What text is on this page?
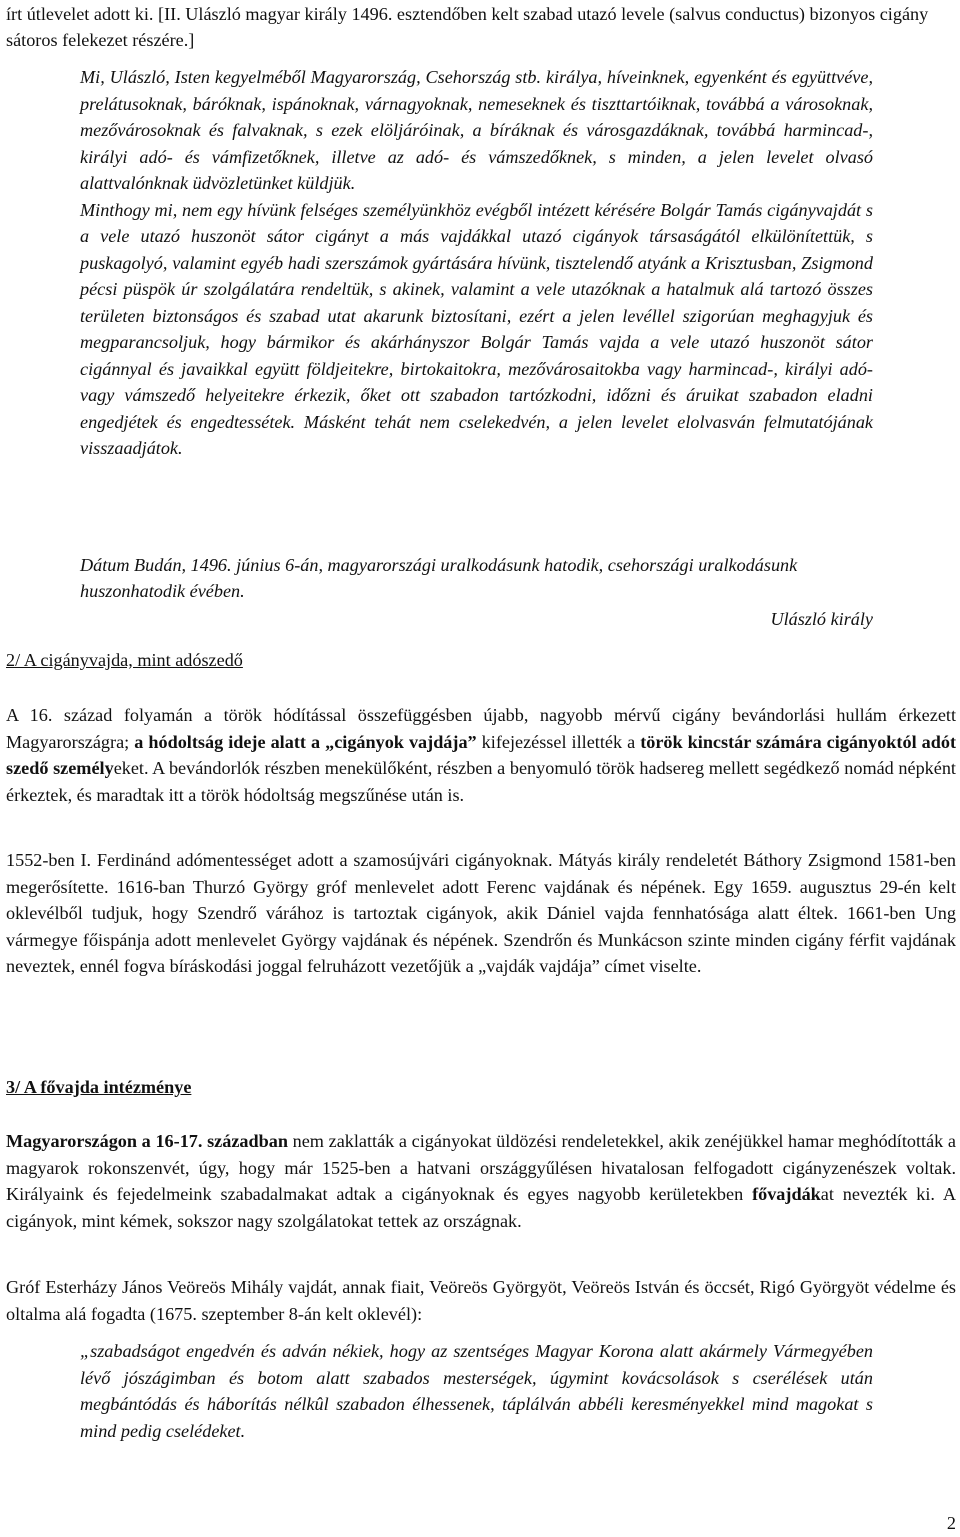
írt útlevelet adott ki. [II. Ulászló magyar király 1496. esztendőben kelt szabad utazó levele (salvus conductus) bizonyos cigány sátoros felekezet részére.]

Mi, Ulászló, Isten kegyelméből Magyarország, Csehország stb. királya, híveinknek, egyenként és együttvéve, prelátusoknak, báróknak, ispánoknak, várnagyoknak, nemeseknek és tiszttartóiknak, továbbá a városoknak, mezővárosoknak és falvaknak, s ezek elöljáróinak, a bíráknak és városgazdáknak, továbbá harmincad-, királyi adó- és vámfizetőknek, illetve az adó- és vámszedőknek, s minden, a jelen levelet olvasó alattvalónknak üdvözletünket küldjük.

Minthogy mi, nem egy hívünk felséges személyünkhöz evégből intézett kérésére Bolgár Tamás cigányvajdát s a vele utazó huszonöt sátor cigányt a más vajdákkal utazó cigányok társaságától elkülönítettük, s puskagolyó, valamint egyéb hadi szerszámok gyártására hívünk, tisztelendő atyánk a Krisztusban, Zsigmond pécsi püspök úr szolgálatára rendeltük, s akinek, valamint a vele utazóknak a hatalmuk alá tartozó összes területen biztonságos és szabad utat akarunk biztosítani, ezért a jelen levéllel szigorúan meghagyjuk és megparancsoljuk, hogy bármikor és akárhányszor Bolgár Tamás vajda a vele utazó huszonöt sátor cigánnyal és javaikkal együtt földjeitekre, birtokaitokra, mezővárosaitokba vagy harmincad-, királyi adó- vagy vámszedő helyeitekre érkezik, őket ott szabadon tartózkodni, időzni és áruikat szabadon eladni engedjétek és engedtessétek. Másként tehát nem cselekedvén, a jelen levelet elolvasván felmutatójának visszaadjátok.

Dátum Budán, 1496. június 6-án, magyarországi uralkodásunk hatodik, csehországi uralkodásunk huszonhatodik évében.

Ulászló király

2/ A cigányvajda, mint adószedő

A 16. század folyamán a török hódítással összefüggésben újabb, nagyobb mérvű cigány bevándorlási hullám érkezett Magyarországra; a hódoltság ideje alatt a „cigányok vajdája” kifejezéssel illették a török kincstár számára cigányoktól adót szedő személyeket. A bevándorlók részben menekülőként, részben a benyomuló török hadsereg mellett segédkező nomád népként érkeztek, és maradtak itt a török hódoltság megszűnése után is.

1552-ben I. Ferdinánd adómentességet adott a szamosújvári cigányoknak. Mátyás király rendeletét Báthory Zsigmond 1581-ben megerősítette. 1616-ban Thurzó György gróf menlevelet adott Ferenc vajdának és népének. Egy 1659. augusztus 29-én kelt oklevélből tudjuk, hogy Szendrő várához is tartoztak cigányok, akik Dániel vajda fennhatósága alatt éltek. 1661-ben Ung vármegye főispánja adott menlevelet György vajdának és népének. Szendrőn és Munkácson szinte minden cigány férfit vajdának neveztek, ennél fogva bíráskodási joggal felruházott vezetőjük a „vajdák vajdája” címet viselte.

3/ A fővajda intézménye

Magyarországon a 16-17. században nem zaklatták a cigányokat üldözési rendeletekkel, akik zenéjükkel hamar meghódították a magyarok rokonszenvét, úgy, hogy már 1525-ben a hatvani országgyűlésen hivatalosan felfogadott cigányzenészek voltak. Királyaink és fejedelmeink szabadalmakat adtak a cigányoknak és egyes nagyobb kerületekben fővajdákat nevezték ki. A cigányok, mint kémek, sokszor nagy szolgálatokat tettek az országnak.

Gróf Esterházy János Veöreös Mihály vajdát, annak fiait, Veöreös Györgyöt, Veöreös István és öccsét, Rigó Györgyöt védelme és oltalma alá fogadta (1675. szeptember 8-án kelt oklevél):

„szabadságot engedvén és adván nékiek, hogy az szentséges Magyar Korona alatt akármely Vármegyében lévő jószágimban és botom alatt szabados mesterségek, úgymint kovácsolások s cserélések után megbántódás és háborítás nélkûl szabadon élhessenek, táplálván abbéli keresményekkel mind magokat s mind pedig cselédeket.

2
